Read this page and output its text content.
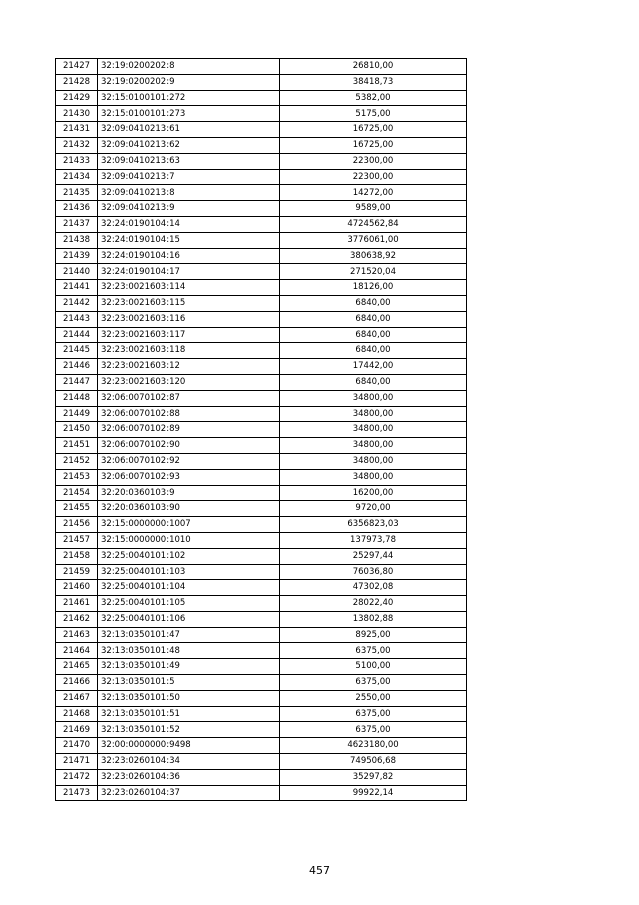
21427	32:19:0200202:8	26810,00
21428	32:19:0200202:9	38418,73
21429	32:15:0100101:272	5382,00
21430	32:15:0100101:273	5175,00
21431	32:09:0410213:61	16725,00
21432	32:09:0410213:62	16725,00
21433	32:09:0410213:63	22300,00
21434	32:09:0410213:7	22300,00
21435	32:09:0410213:8	14272,00
21436	32:09:0410213:9	9589,00
21437	32:24:0190104:14	4724562,84
21438	32:24:0190104:15	3776061,00
21439	32:24:0190104:16	380638,92
21440	32:24:0190104:17	271520,04
21441	32:23:0021603:114	18126,00
21442	32:23:0021603:115	6840,00
21443	32:23:0021603:116	6840,00
21444	32:23:0021603:117	6840,00
21445	32:23:0021603:118	6840,00
21446	32:23:0021603:12	17442,00
21447	32:23:0021603:120	6840,00
21448	32:06:0070102:87	34800,00
21449	32:06:0070102:88	34800,00
21450	32:06:0070102:89	34800,00
21451	32:06:0070102:90	34800,00
21452	32:06:0070102:92	34800,00
21453	32:06:0070102:93	34800,00
21454	32:20:0360103:9	16200,00
21455	32:20:0360103:90	9720,00
21456	32:15:0000000:1007	6356823,03
21457	32:15:0000000:1010	137973,78
21458	32:25:0040101:102	25297,44
21459	32:25:0040101:103	76036,80
21460	32:25:0040101:104	47302,08
21461	32:25:0040101:105	28022,40
21462	32:25:0040101:106	13802,88
21463	32:13:0350101:47	8925,00
21464	32:13:0350101:48	6375,00
21465	32:13:0350101:49	5100,00
21466	32:13:0350101:5	6375,00
21467	32:13:0350101:50	2550,00
21468	32:13:0350101:51	6375,00
21469	32:13:0350101:52	6375,00
21470	32:00:0000000:9498	4623180,00
21471	32:23:0260104:34	749506,68
21472	32:23:0260104:36	35297,82
21473	32:23:0260104:37	99922,14
457
